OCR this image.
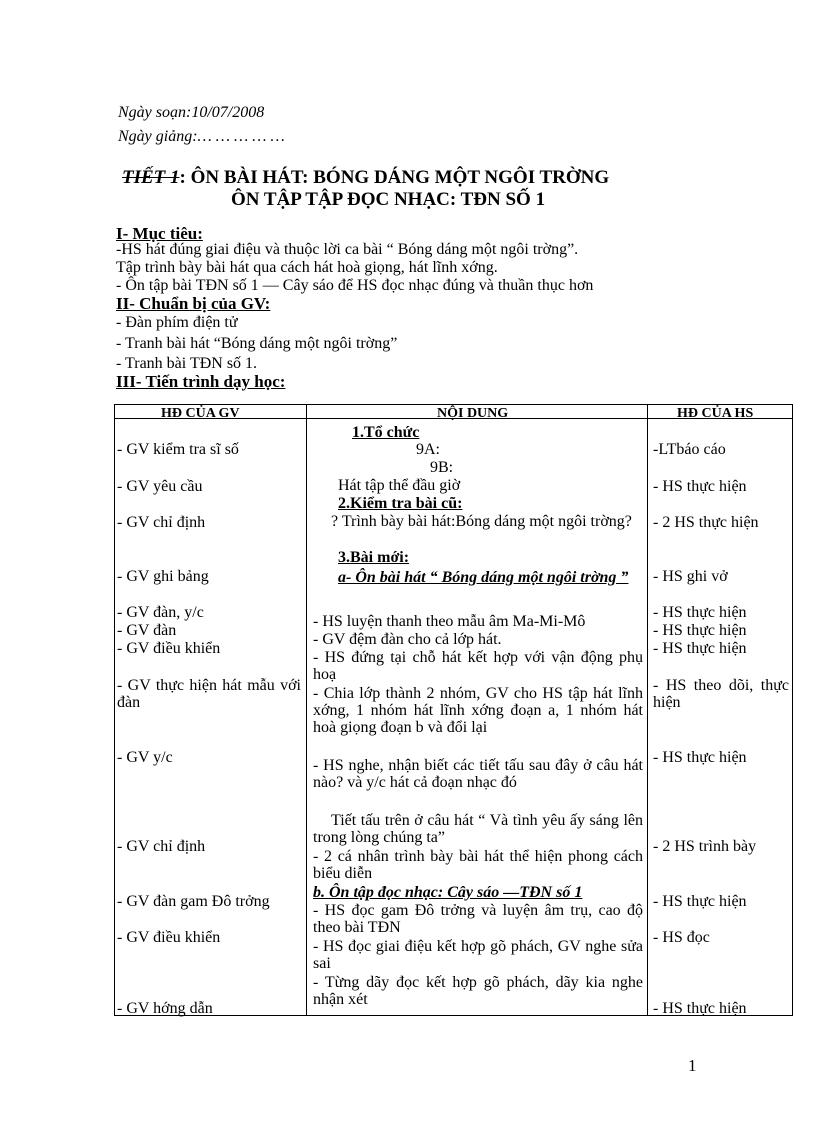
Ngày soạn:10/07/2008
Ngày giảng:… … … … …
TIẾT 1: ÔN BÀI HÁT: BÓNG DÁNG MỘT NGÔI TRỜNG
ÔN TẬP TẬP ĐỌC NHẠC: TĐN SỐ 1
I- Mục tiêu:
-HS hát đúng giai điệu và thuộc lời ca bài “ Bóng dáng một ngôi trờng”.
Tập trình bày bài hát qua cách hát hoà giọng, hát lĩnh xớng.
- Ôn tập bài TĐN số 1 — Cây sáo để HS đọc nhạc đúng và thuần thục hơn
II- Chuẩn bị của GV:
- Đàn phím điện tử
- Tranh bài hát “Bóng dáng một ngôi trờng”
- Tranh bài TĐN số 1.
III- Tiến trình dạy học:
HĐ CỦA GV	NỘI DUNG	HĐ CỦA HS
- GV kiểm tra sĩ số
- GV yêu cầu
- GV chỉ định
- GV ghi bảng
- GV đàn, y/c
- GV đàn
- GV điều khiển
- GV thực hiện hát mẫu với đàn
- GV y/c
- GV chỉ định
- GV đàn gam Đô trởng
- GV điều khiển
- GV hớng dẫn
1.Tổ chức
9A:
9B:
Hát tập thể đầu giờ
2.Kiểm tra bài cũ:
? Trình bày bài hát:Bóng dáng một ngôi trờng?
3.Bài mới:
a- Ôn bài hát “ Bóng dáng một ngôi trờng ”
- HS luyện thanh theo mẫu âm Ma-Mi-Mô
- GV đệm đàn cho cả lớp hát.
- HS đứng tại chỗ hát kết hợp với vận động phụ hoạ
- Chia lớp thành 2 nhóm, GV cho HS tập hát lĩnh xớng, 1 nhóm hát lĩnh xớng đoạn a, 1 nhóm hát hoà giọng đoạn b và đổi lại
- HS nghe, nhận biết các tiết tấu sau đây ở câu hát nào? và y/c hát cả đoạn nhạc đó
Tiết tấu trên ở câu hát “ Và tình yêu ấy sáng lên trong lòng chúng ta”
- 2 cá nhân trình bày bài hát thể hiện phong cách biểu diễn
b. Ôn tập đọc nhạc: Cây sáo —TĐN số 1
- HS đọc gam Đô trởng và luyện âm trụ, cao độ theo bài TĐN
- HS đọc giai điệu kết hợp gõ phách, GV nghe sửa sai
- Từng dãy đọc kết hợp gõ phách, dãy kia nghe nhận xét
-LTbáo cáo
- HS thực hiện
- 2 HS thực hiện
- HS ghi vở
- HS thực hiện
- HS thực hiện
- HS thực hiện
- HS theo dõi, thực hiện
- HS thực hiện
- 2 HS trình bày
- HS thực hiện
- HS đọc
- HS thực hiện
1
